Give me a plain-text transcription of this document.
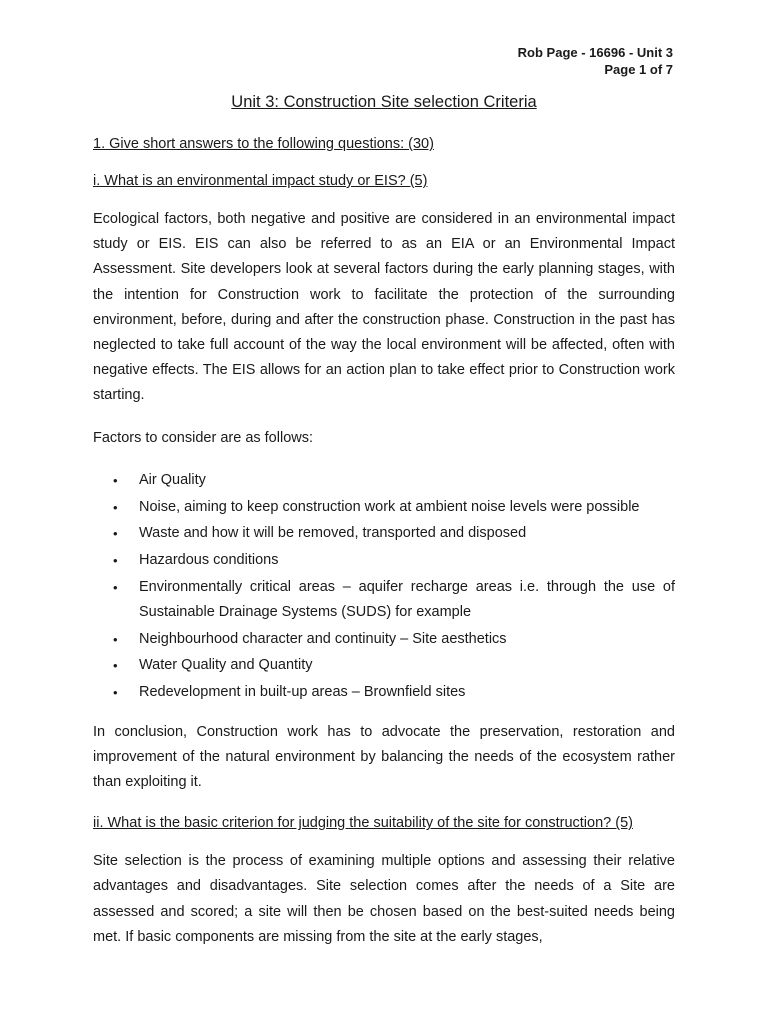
Rob Page - 16696 - Unit 3
Page 1 of 7
Unit 3: Construction Site selection Criteria

1. Give short answers to the following questions: (30)

i. What is an environmental impact study or EIS? (5)

Ecological factors, both negative and positive are considered in an environmental impact study or EIS. EIS can also be referred to as an EIA or an Environmental Impact Assessment. Site developers look at several factors during the early planning stages, with the intention for Construction work to facilitate the protection of the surrounding environment, before, during and after the construction phase. Construction in the past has neglected to take full account of the way the local environment will be affected, often with negative effects. The EIS allows for an action plan to take effect prior to Construction work starting.

Factors to consider are as follows:

• Air Quality
• Noise, aiming to keep construction work at ambient noise levels were possible
• Waste and how it will be removed, transported and disposed
• Hazardous conditions
• Environmentally critical areas – aquifer recharge areas i.e. through the use of Sustainable Drainage Systems (SUDS) for example
• Neighbourhood character and continuity – Site aesthetics
• Water Quality and Quantity
• Redevelopment in built-up areas – Brownfield sites

In conclusion, Construction work has to advocate the preservation, restoration and improvement of the natural environment by balancing the needs of the ecosystem rather than exploiting it.

ii. What is the basic criterion for judging the suitability of the site for construction? (5)

Site selection is the process of examining multiple options and assessing their relative advantages and disadvantages. Site selection comes after the needs of a Site are assessed and scored; a site will then be chosen based on the best-suited needs being met. If basic components are missing from the site at the early stages,
